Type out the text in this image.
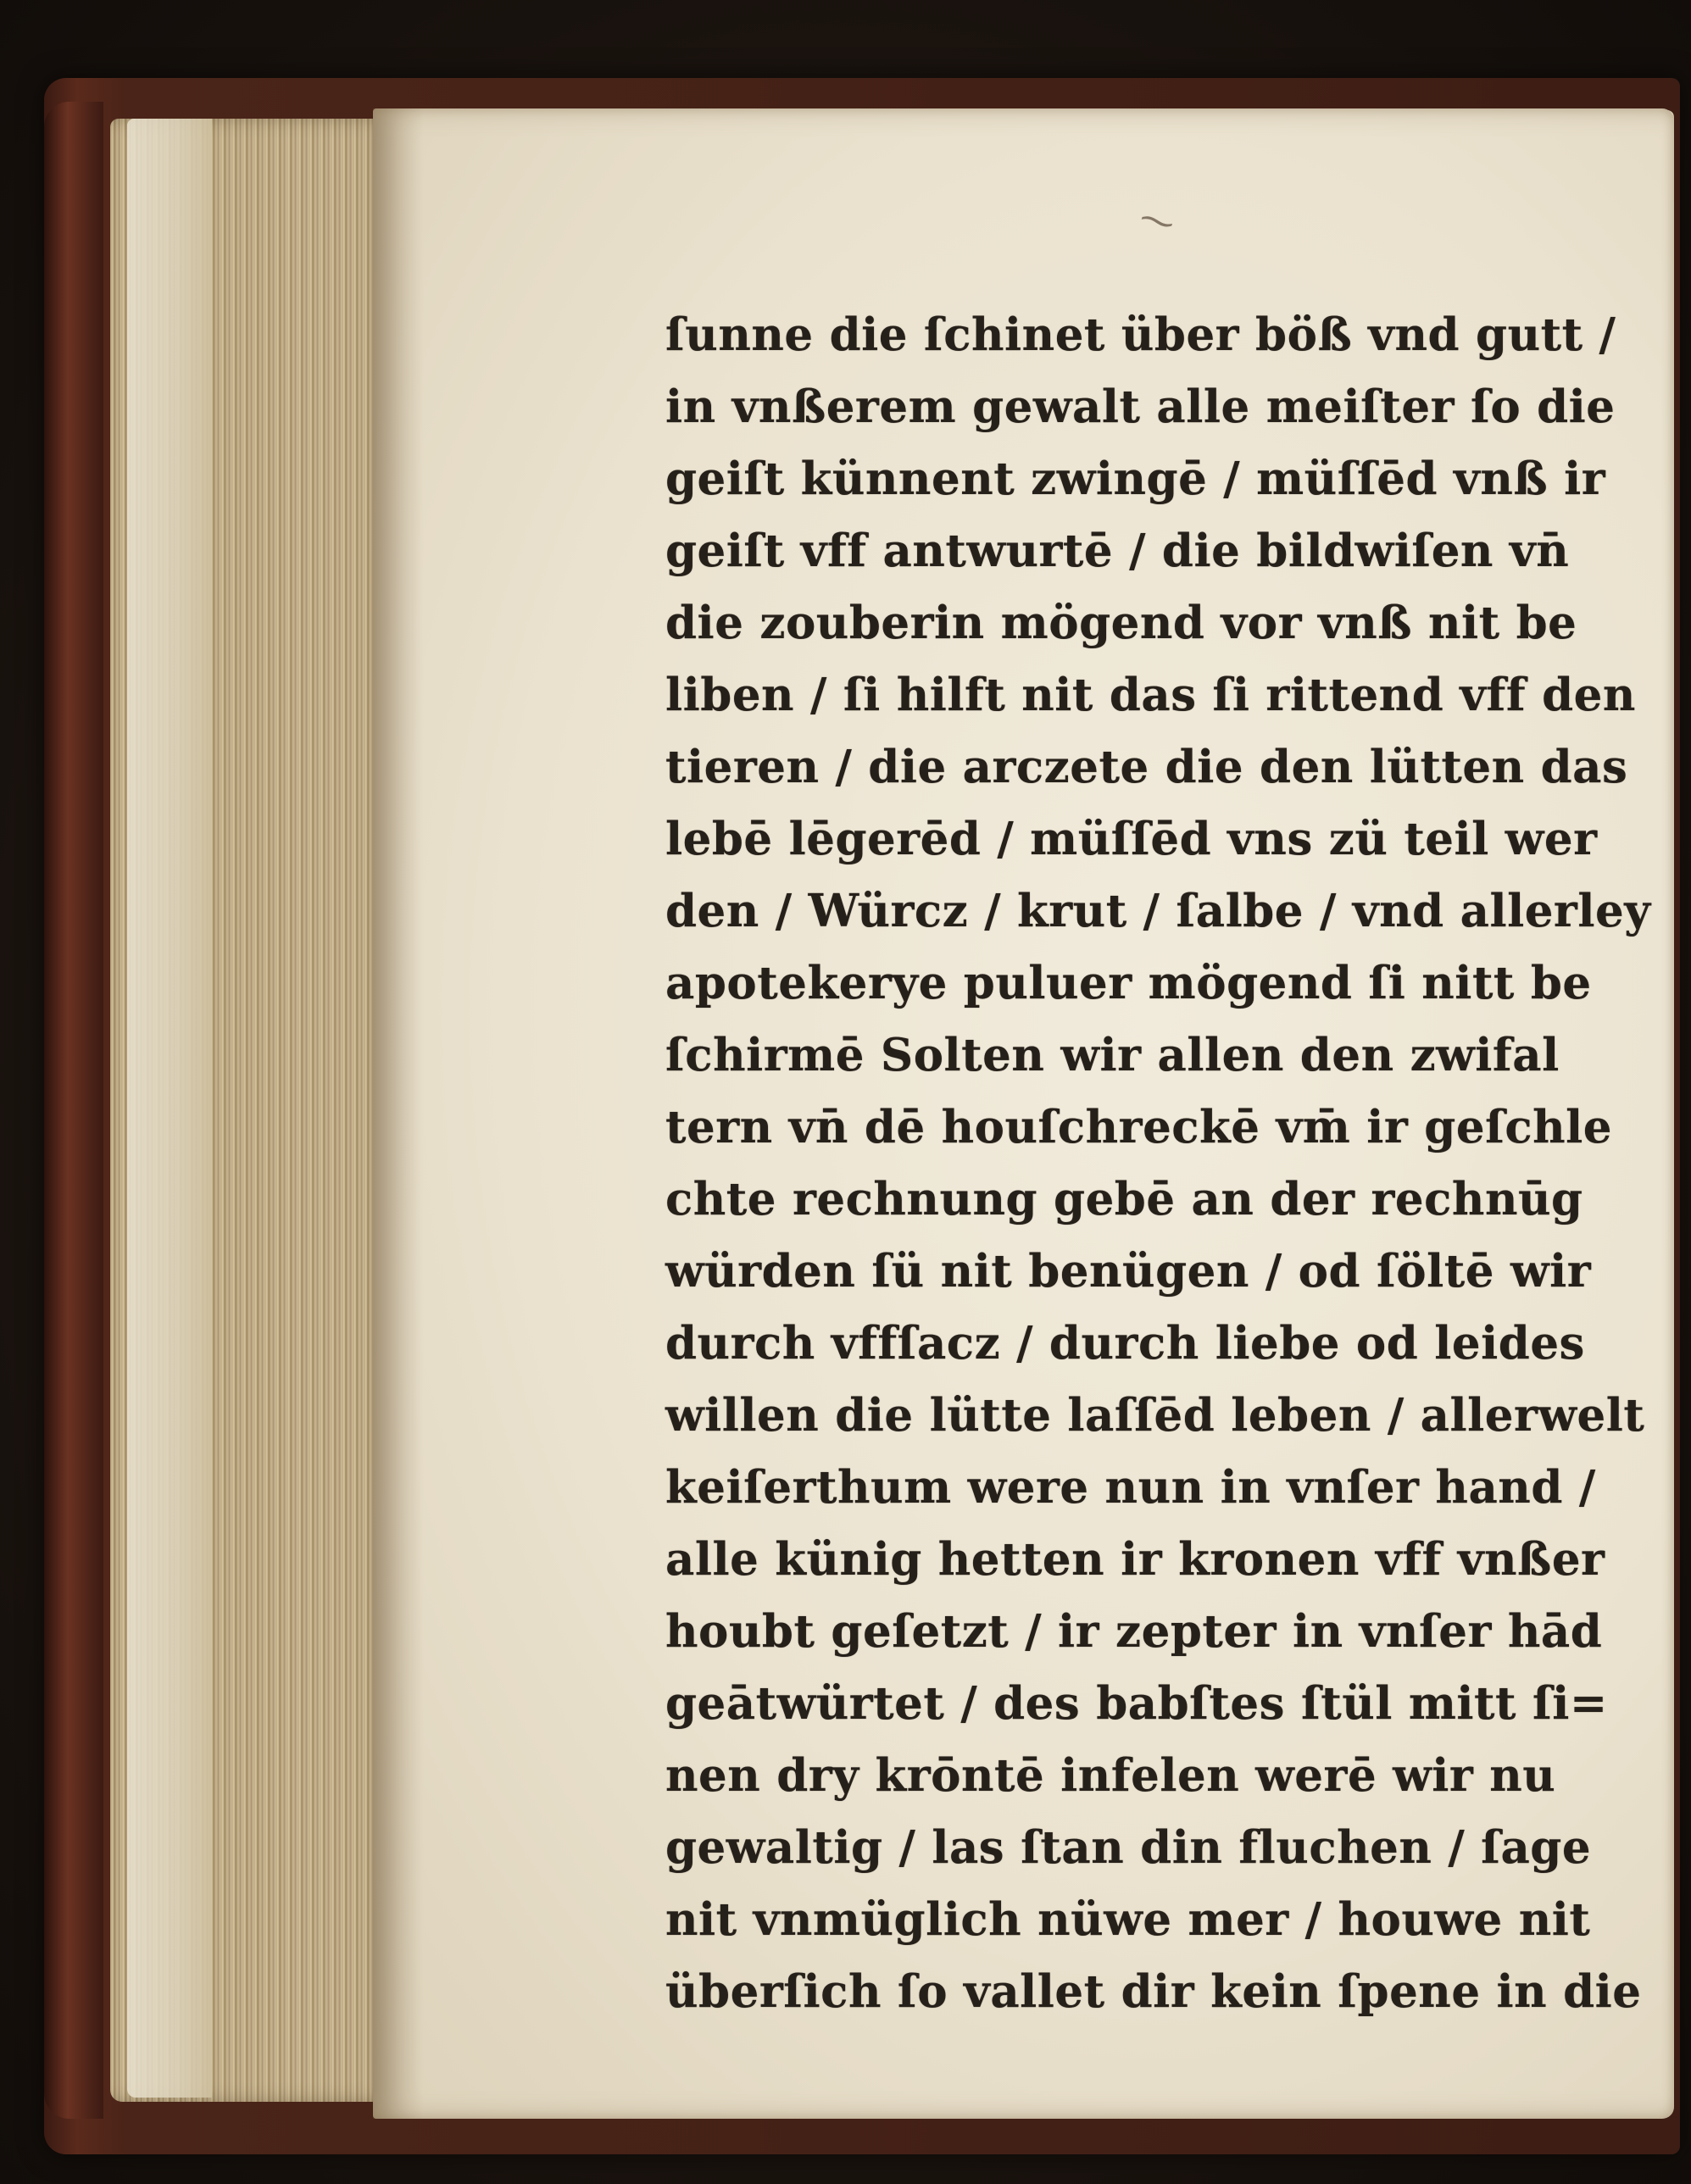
⁓
ſunne die ſchinet über böß vnd gutt /
in vnßerem gewalt alle meiſter ſo die
geiſt künnent zwingē / müſſēd vnß ir
geiſt vff antwurtē / die bildwiſen vn̄
die zouberin mögend vor vnß nit be
liben / ſi hilft nit das ſi rittend vff den
tieren / die arczete die den lütten das
lebē lēgerēd / müſſēd vns zü teil wer
den / Würcz / krut / ſalbe / vnd allerley
apotekerye puluer mögend ſi nitt be
ſchirmē Solten wir allen den zwifal
tern vn̄ dē houſchreckē vm̄ ir geſchle
chte rechnung gebē an der rechnūg
würden ſü nit benügen / od ſöltē wir
durch vffſacz / durch liebe od leides
willen die lütte laſſēd leben / allerwelt
keiſerthum were nun in vnſer hand /
alle künig hetten ir kronen vff vnßer
houbt geſetzt / ir zepter in vnſer hād
geātwürtet / des babſtes ſtül mitt ſi=
nen dry krōntē infelen werē wir nu
gewaltig / las ſtan din fluchen / ſage
nit vnmüglich nüwe mer / houwe nit
überſich ſo vallet dir kein ſpene in die
